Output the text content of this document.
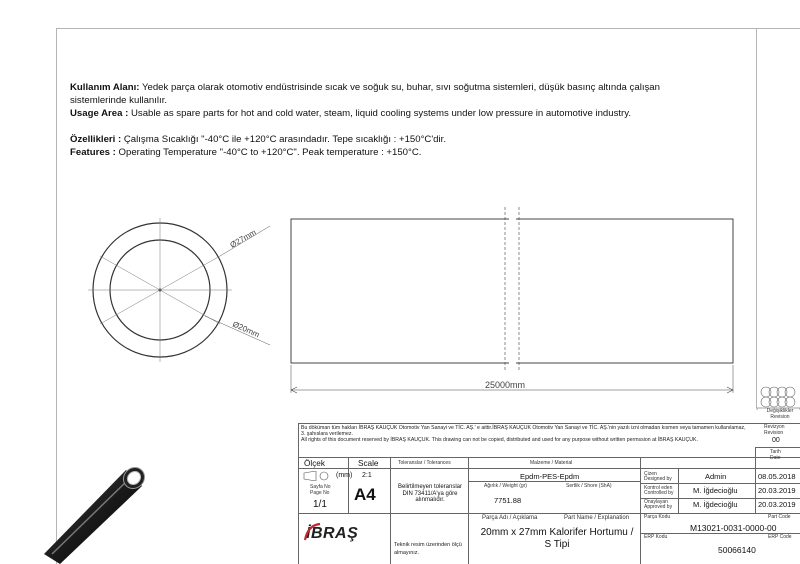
Kullanım Alanı: Yedek parça olarak otomotiv endüstrisinde sıcak ve soğuk su, buhar, sıvı soğutma sistemleri, düşük basınç altında çalışan sistemlerinde kullanılır.

Usage Area : Usable as spare parts for hot and cold water, steam, liquid cooling systems under low pressure in automotive industry.

Özellikleri : Çalışma Sıcaklığı "-40°C ile +120°C arasındadır. Tepe sıcaklığı : +150°C'dir.

Features : Operating Temperature "-40°C to +120°C". Peak temperature : +150°C.

Ø27mm
Ø20mm
25000mm
Değişiklikler
Revision
Revizyon
Revision
00
Tarih
Date
Bu döküman tüm hakları İBRAŞ KAUÇUK Otomotiv Yan Sanayi ve TİC. AŞ.' e aittir.İBRAŞ KAUÇUK Otomotiv Yan Sanayi ve TİC. AŞ.'nin yazılı izni olmadan kısmen veya tamamen kullanılamaz, 3. şahıslara verilemez.
All rights of this document reserved by İBRAŞ KAUÇUK. This drawing can not be copied, distributed and used for any purpose without written permssion at İBRAŞ KAUÇUK.
Ölçek	Scale
(mm) 2:1
Sayfa No
Page No
1/1
A4
Toleranslar / Tolerances
Belirtilmeyen toleranslar DIN 73411/A'ya göre alınmalıdır.
Malzeme / Material
Epdm-PES-Epdm
Ağırlık / Weight (gr)	Sertlik / Shore (ShA)
7751.88
Çizen
Designed by	Admin	08.05.2018
Kontrol eden
Controlled by	M. İğdecioğlu	20.03.2019
Onaylayan
Approved by	M. İğdecioğlu	20.03.2019
Parça Adı / Açıklama	Part Name / Explanation
20mm x 27mm Kalorifer Hortumu / S Tipi
Parça Kodu	Part Code
M13021-0031-0000-00
ERP Kodu	ERP Code
50066140
Teknik resim üzerinden ölçü almayınız.
İBRAŞ
